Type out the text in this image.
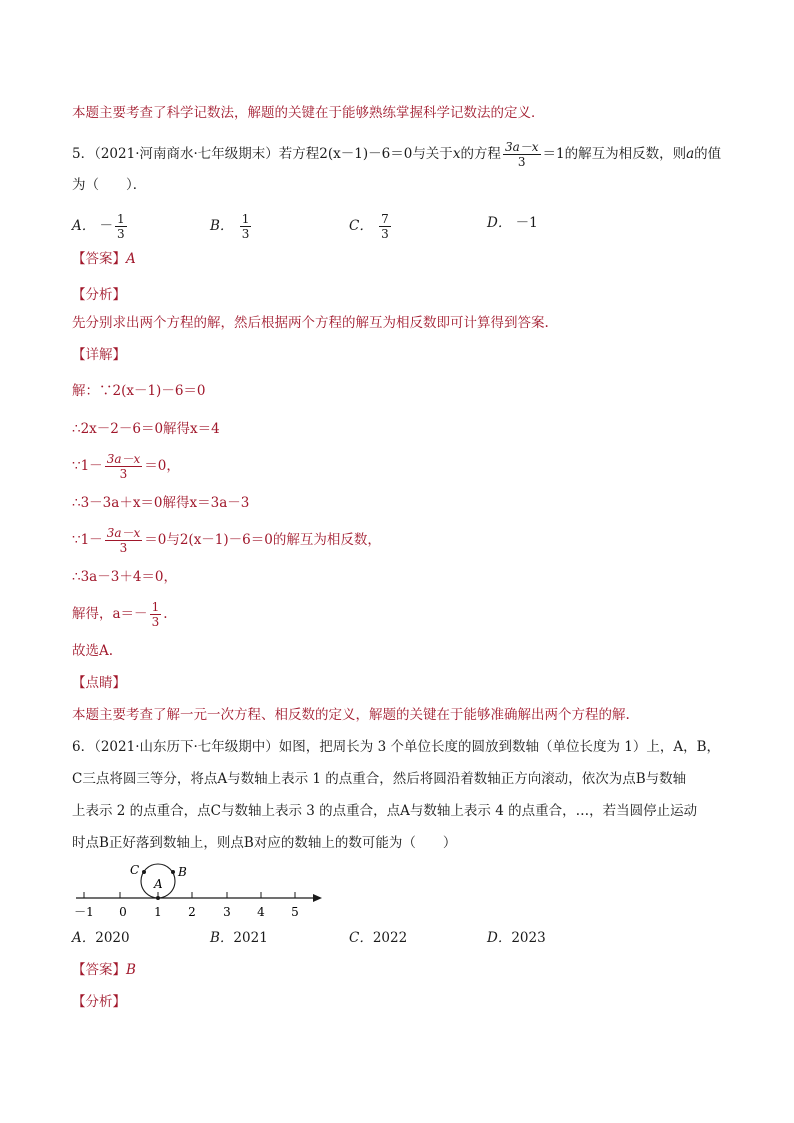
本题主要考查了科学记数法，解题的关键在于能够熟练掌握科学记数法的定义．
5．（2021·河南商水·七年级期末）若方程2(x－1)－6＝0与关于x的方程 $\frac{3a-x}{3} =1$的解互为相反数，则a的值
为（　　）．
A． － $\frac{1}{3}$	B． $\frac{1}{3}$	C． $\frac{7}{3}$	D． －1
【答案】A
【分析】
先分别求出两个方程的解，然后根据两个方程的解互为相反数即可计算得到答案.
【详解】
解：∵2(x－1)－6＝0
∴2x－2－6＝0解得x＝4
∵1－ $\frac{3a-x}{3} =0$，
∴3－3a＋x＝0解得x＝3a－3
∵1－ $\frac{3a-x}{3} =0$与2(x－1)－6＝0的解互为相反数，
∴3a－3＋4＝0，
解得，$a=- \frac{1}{3}$ .
故选A.
【点睛】
本题主要考查了解一元一次方程、相反数的定义，解题的关键在于能够准确解出两个方程的解.
6．（2021·山东历下·七年级期中）如图，把周长为 3 个单位长度的圆放到数轴（单位长度为 1）上，A，B，
C三点将圆三等分，将点A与数轴上表示 1 的点重合，然后将圆沿着数轴正方向滚动，依次为点B与数轴
上表示 2 的点重合，点C与数轴上表示 3 的点重合，点A与数轴上表示 4 的点重合，…，若当圆停止运动
时点B正好落到数轴上，则点B对应的数轴上的数可能为（　　）
－1 0 1 2 3 4 5
C
A
B
A．2020	B．2021	C．2022	D．2023
【答案】B
【分析】
